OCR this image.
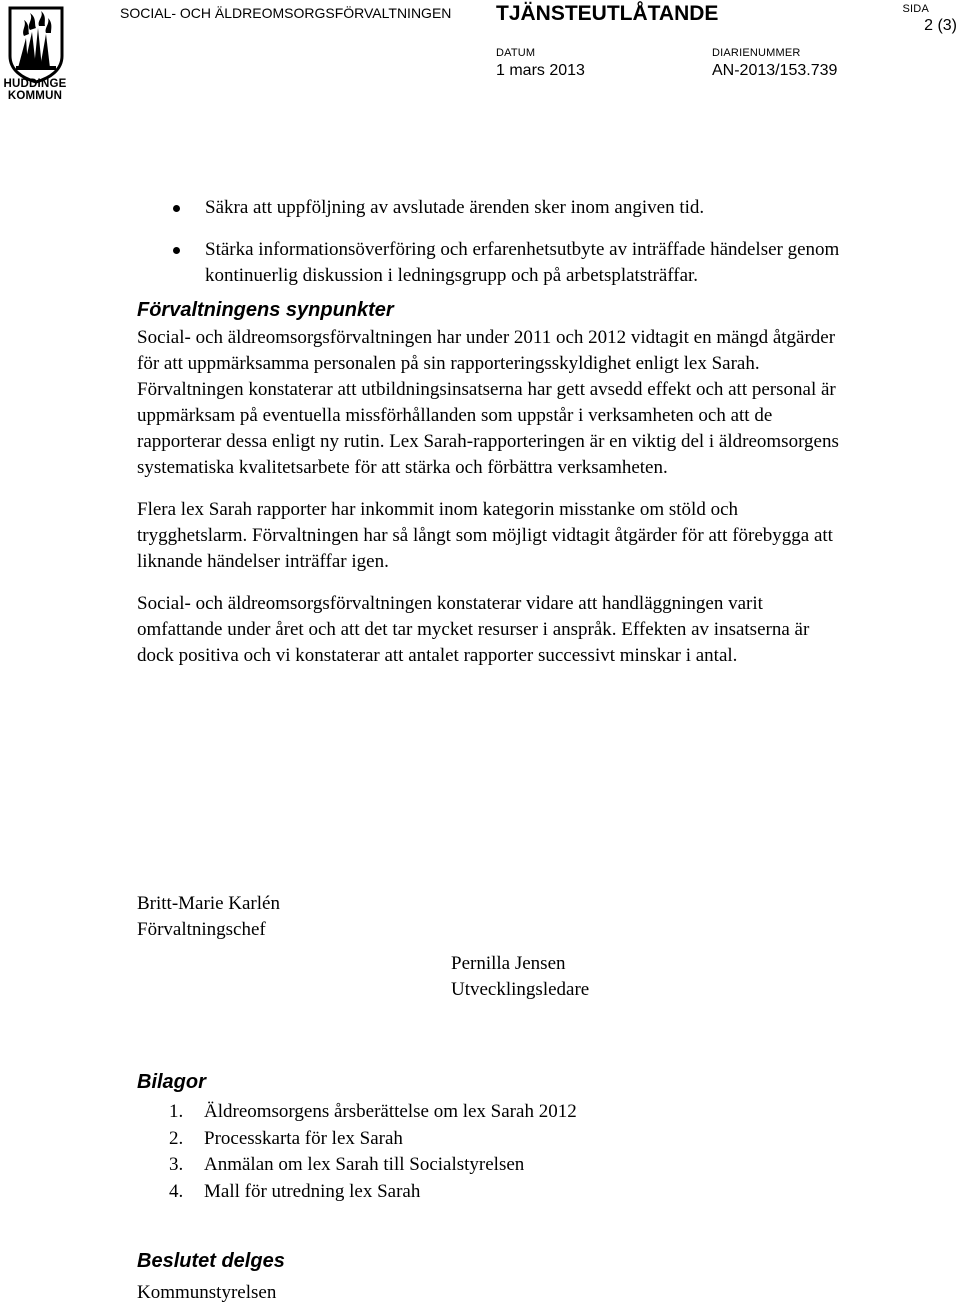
HUDDINGE
KOMMUN
SOCIAL- OCH ÄLDREOMSORGSFÖRVALTNINGEN TJÄNSTEUTLÅTANDE	SIDA
2 (3)
DATUM
1 mars 2013
DIARIENUMMER
AN-2013/153.739
Säkra att uppföljning av avslutade ärenden sker inom angiven tid.
Stärka informationsöverföring och erfarenhetsutbyte av inträffade händelser genom kontinuerlig diskussion i ledningsgrupp och på arbetsplatsträffar.
Förvaltningens synpunkter

Social- och äldreomsorgsförvaltningen har under 2011 och 2012 vidtagit en mängd åtgärder för att uppmärksamma personalen på sin rapporteringsskyldighet enligt lex Sarah. Förvaltningen konstaterar att utbildningsinsatserna har gett avsedd effekt och att personal är uppmärksam på eventuella missförhållanden som uppstår i verksamheten och att de rapporterar dessa enligt ny rutin. Lex Sarah-rapporteringen är en viktig del i äldreomsorgens systematiska kvalitetsarbete för att stärka och förbättra verksamheten.

Flera lex Sarah rapporter har inkommit inom kategorin misstanke om stöld och trygghetslarm. Förvaltningen har så långt som möjligt vidtagit åtgärder för att förebygga att liknande händelser inträffar igen.

Social- och äldreomsorgsförvaltningen konstaterar vidare att handläggningen varit omfattande under året och att det tar mycket resurser i anspråk. Effekten av insatserna är dock positiva och vi konstaterar att antalet rapporter successivt minskar i antal.

Britt-Marie Karlén
Förvaltningschef
Pernilla Jensen
Utvecklingsledare
Bilagor
1. Äldreomsorgens årsberättelse om lex Sarah 2012
2. Processkarta för lex Sarah
3. Anmälan om lex Sarah till Socialstyrelsen
4. Mall för utredning lex Sarah
Beslutet delges
Kommunstyrelsen
